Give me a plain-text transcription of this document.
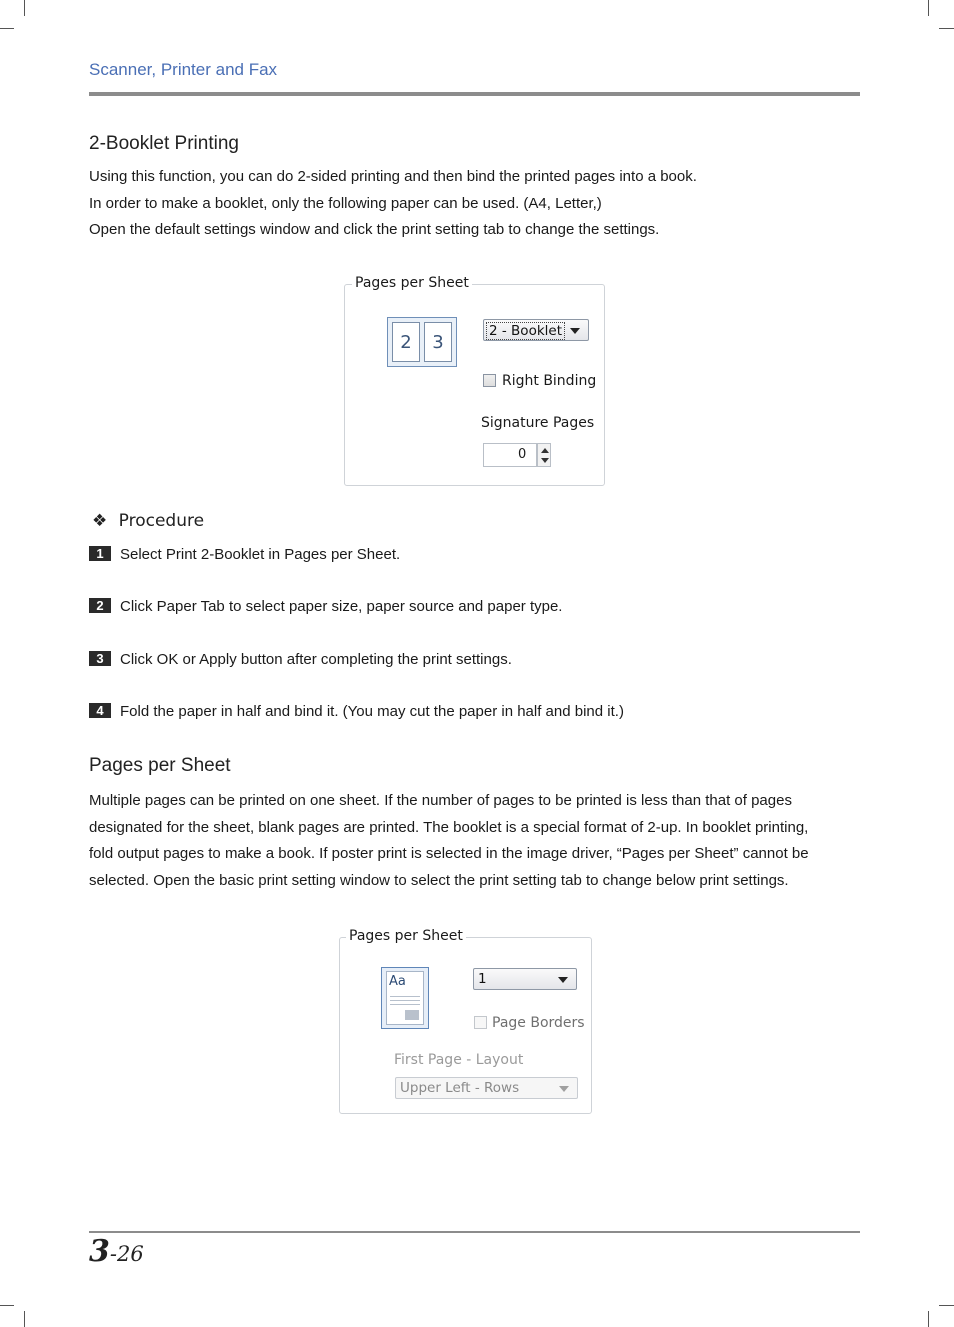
Scanner, Printer and Fax
2-Booklet Printing

Using this function, you can do 2-sided printing and then bind the printed pages into a book.

In order to make a booklet, only the following paper can be used. (A4, Letter,)

Open the default settings window and click the print setting tab to change the settings.

Pages per Sheet
2	3
2 - Booklet
Right Binding
Signature Pages
0
❖ Procedure
1 Select Print 2-Booklet in Pages per Sheet.
2 Click Paper Tab to select paper size, paper source and paper type.
3 Click OK or Apply button after completing the print settings.
4 Fold the paper in half and bind it. (You may cut the paper in half and bind it.)
Pages per Sheet

Multiple pages can be printed on one sheet. If the number of pages to be printed is less than that of pages

designated for the sheet, blank pages are printed. The booklet is a special format of 2-up. In booklet printing,

fold output pages to make a book. If poster print is selected in the image driver, “Pages per Sheet” cannot be

selected. Open the basic print setting window to select the print setting tab to change below print settings.

Pages per Sheet
Aa	1
Page Borders
First Page - Layout
Upper Left - Rows
3-26
